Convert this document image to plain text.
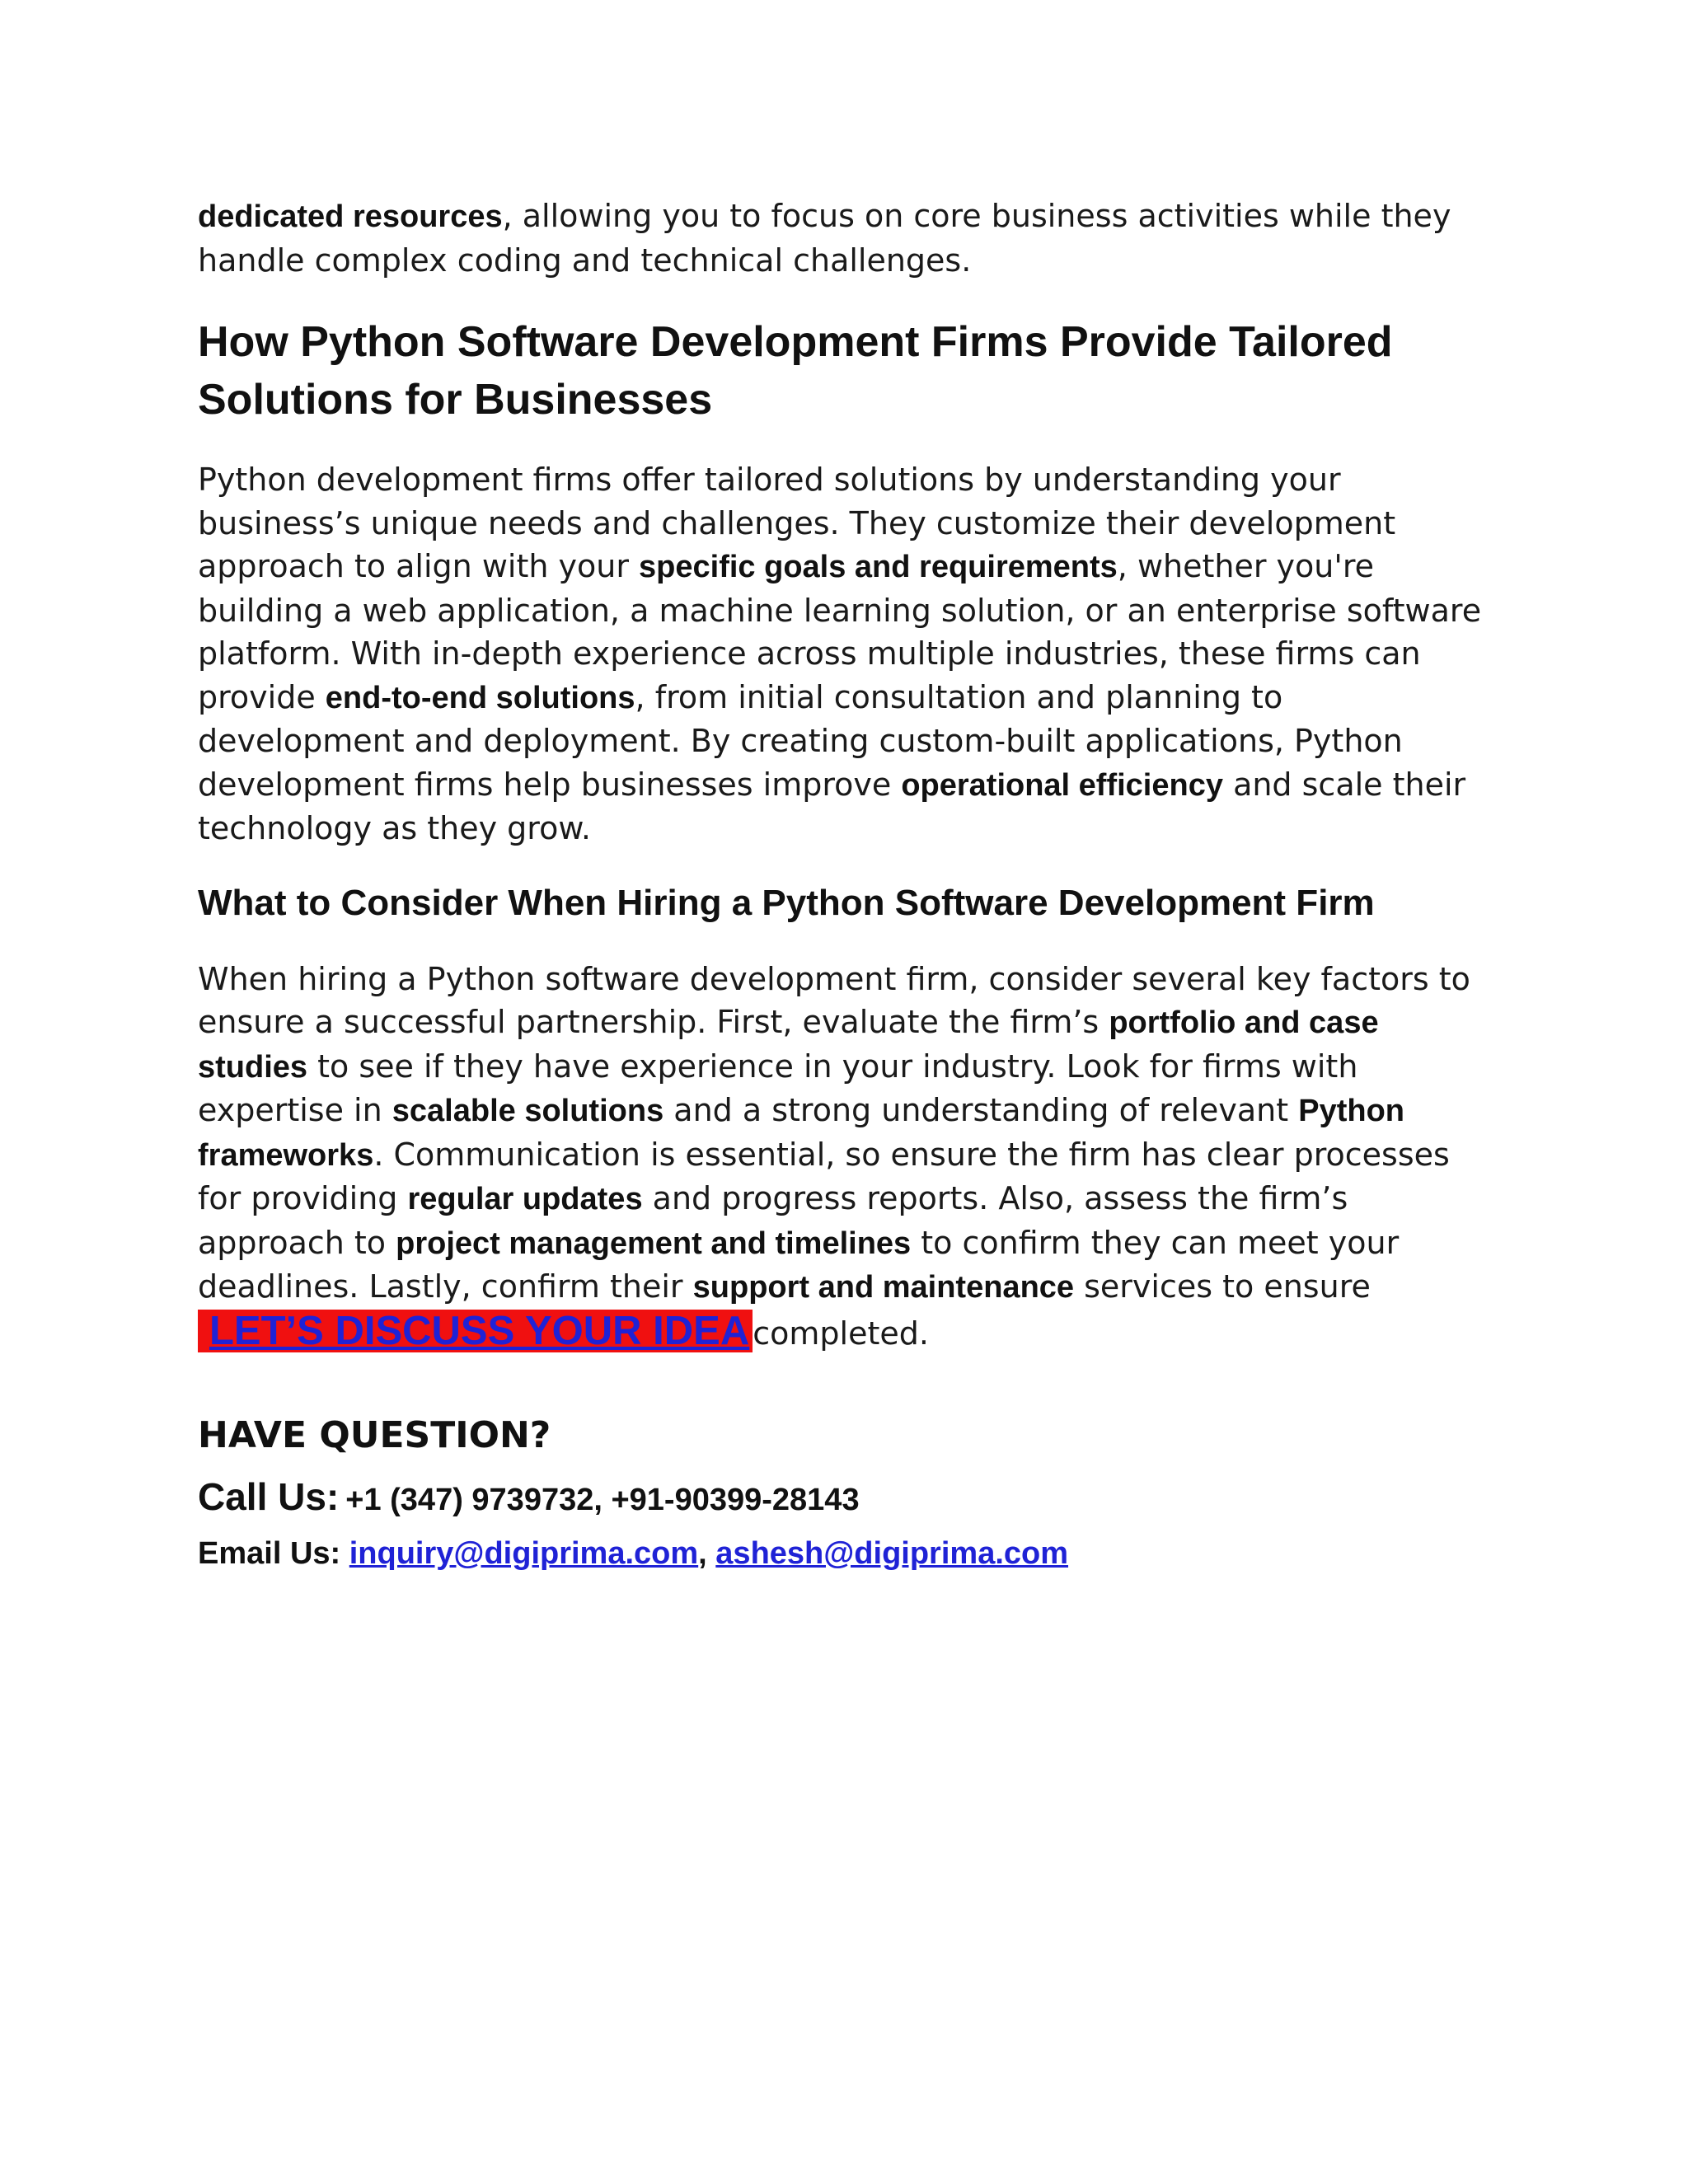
dedicated resources, allowing you to focus on core business activities while they handle complex coding and technical challenges.

How Python Software Development Firms Provide Tailored Solutions for Businesses

Python development firms offer tailored solutions by understanding your business’s unique needs and challenges. They customize their development approach to align with your specific goals and requirements, whether you're building a web application, a machine learning solution, or an enterprise software platform. With in-depth experience across multiple industries, these firms can provide end-to-end solutions, from initial consultation and planning to development and deployment. By creating custom-built applications, Python development firms help businesses improve operational efficiency and scale their technology as they grow.

What to Consider When Hiring a Python Software Development Firm

When hiring a Python software development firm, consider several key factors to ensure a successful partnership. First, evaluate the firm’s portfolio and case studies to see if they have experience in your industry. Look for firms with expertise in scalable solutions and a strong understanding of relevant Python frameworks. Communication is essential, so ensure the firm has clear processes for providing regular updates and progress reports. Also, assess the firm’s approach to project management and timelines to confirm they can meet your deadlines. Lastly, confirm their support and maintenance services to ensure
LET’S DISCUSS YOUR IDEA completed.

HAVE QUESTION?
Call Us: +1 (347) 9739732, +91-90399-28143
Email Us: inquiry@digiprima.com, ashesh@digiprima.com
